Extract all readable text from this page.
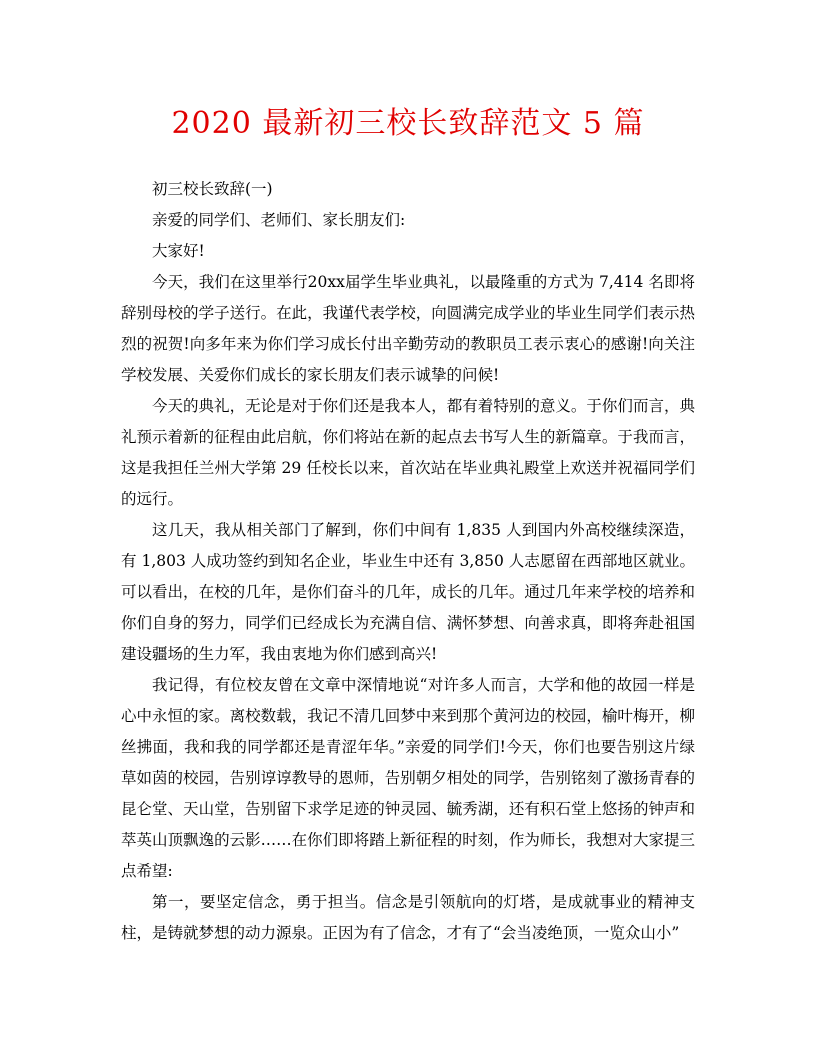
2020 最新初三校长致辞范文 5 篇

初三校长致辞(一)

亲爱的同学们、老师们、家长朋友们:

大家好!

今天，我们在这里举行20xx届学生毕业典礼，以最隆重的方式为 7,414 名即将辞别母校的学子送行。在此，我谨代表学校，向圆满完成学业的毕业生同学们表示热烈的祝贺!向多年来为你们学习成长付出辛勤劳动的教职员工表示衷心的感谢!向关注学校发展、关爱你们成长的家长朋友们表示诚挚的问候!

今天的典礼，无论是对于你们还是我本人，都有着特别的意义。于你们而言，典礼预示着新的征程由此启航，你们将站在新的起点去书写人生的新篇章。于我而言，这是我担任兰州大学第 29 任校长以来，首次站在毕业典礼殿堂上欢送并祝福同学们的远行。

这几天，我从相关部门了解到，你们中间有 1,835 人到国内外高校继续深造，有 1,803 人成功签约到知名企业，毕业生中还有 3,850 人志愿留在西部地区就业。可以看出，在校的几年，是你们奋斗的几年，成长的几年。通过几年来学校的培养和你们自身的努力，同学们已经成长为充满自信、满怀梦想、向善求真，即将奔赴祖国建设疆场的生力军，我由衷地为你们感到高兴!

我记得，有位校友曾在文章中深情地说“对许多人而言，大学和他的故园一样是心中永恒的家。离校数载，我记不清几回梦中来到那个黄河边的校园，榆叶梅开，柳丝拂面，我和我的同学都还是青涩年华。”亲爱的同学们!今天，你们也要告别这片绿草如茵的校园，告别谆谆教导的恩师，告别朝夕相处的同学，告别铭刻了激扬青春的昆仑堂、天山堂，告别留下求学足迹的钟灵园、毓秀湖，还有积石堂上悠扬的钟声和萃英山顶飘逸的云影……在你们即将踏上新征程的时刻，作为师长，我想对大家提三点希望:

第一，要坚定信念，勇于担当。信念是引领航向的灯塔，是成就事业的精神支柱，是铸就梦想的动力源泉。正因为有了信念，才有了“会当凌绝顶，一览众山小”
